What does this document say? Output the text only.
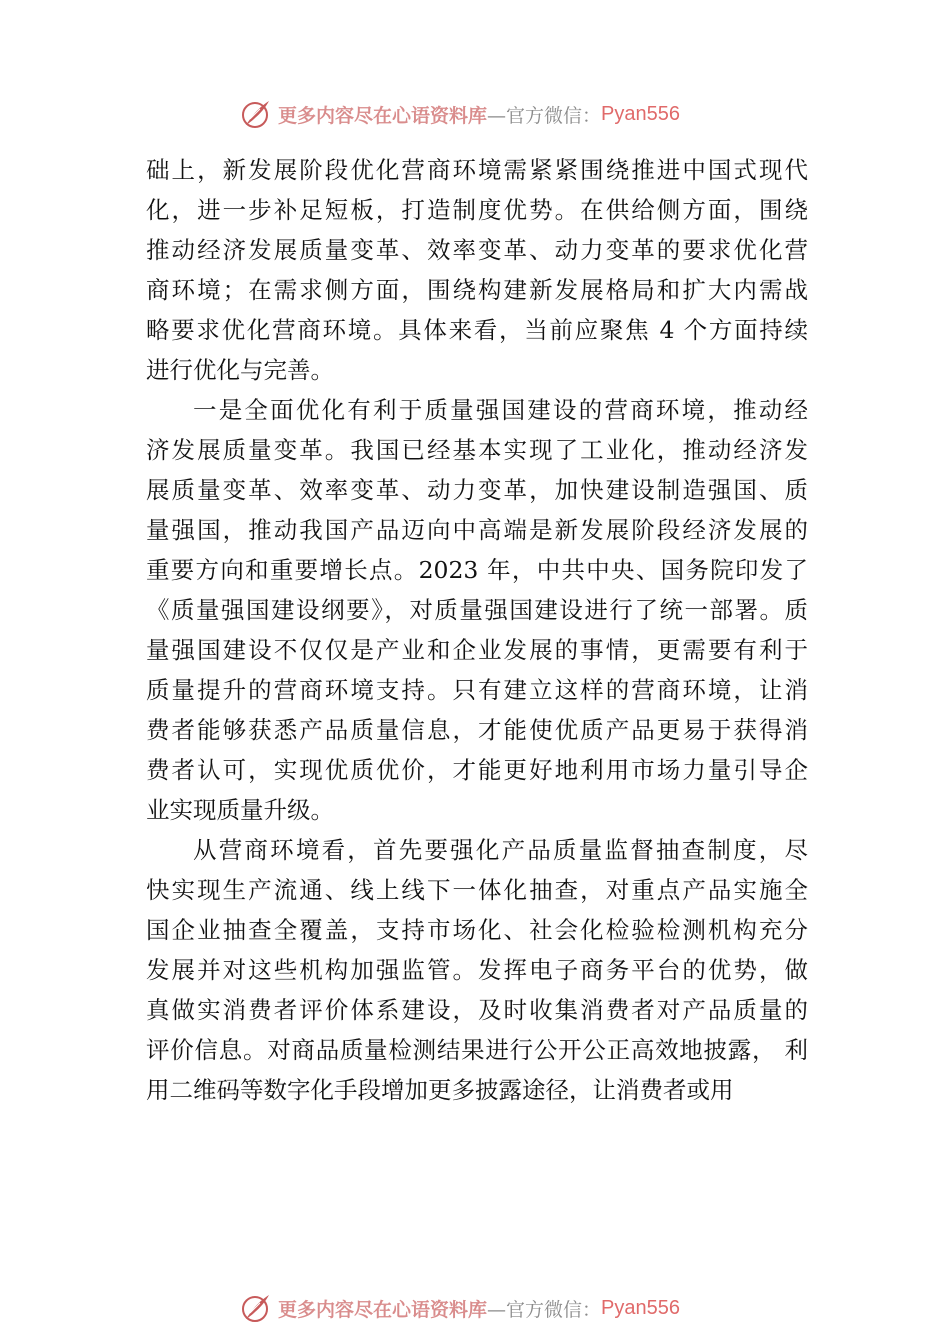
更多内容尽在心语资料库 —官方微信： Pyan556
础上，新发展阶段优化营商环境需紧紧围绕推进中国式现代
化，进一步补足短板，打造制度优势。在供给侧方面，围绕
推动经济发展质量变革、效率变革、动力变革的要求优化营
商环境；在需求侧方面，围绕构建新发展格局和扩大内需战
略要求优化营商环境。具体来看，当前应聚焦 4 个方面持续
进行优化与完善。
一是全面优化有利于质量强国建设的营商环境，推动经
济发展质量变革。我国已经基本实现了工业化，推动经济发
展质量变革、效率变革、动力变革，加快建设制造强国、质
量强国，推动我国产品迈向中高端是新发展阶段经济发展的
重要方向和重要增长点。2023 年，中共中央、国务院印发了
《质量强国建设纲要》，对质量强国建设进行了统一部署。质
量强国建设不仅仅是产业和企业发展的事情，更需要有利于
质量提升的营商环境支持。只有建立这样的营商环境，让消
费者能够获悉产品质量信息，才能使优质产品更易于获得消
费者认可，实现优质优价，才能更好地利用市场力量引导企
业实现质量升级。
从营商环境看，首先要强化产品质量监督抽查制度，尽
快实现生产流通、线上线下一体化抽查，对重点产品实施全
国企业抽查全覆盖，支持市场化、社会化检验检测机构充分
发展并对这些机构加强监管。发挥电子商务平台的优势，做
真做实消费者评价体系建设，及时收集消费者对产品质量的
评价信息。对商品质量检测结果进行公开公正高效地披露， 利
用二维码等数字化手段增加更多披露途径，让消费者或用
更多内容尽在心语资料库 —官方微信： Pyan556
